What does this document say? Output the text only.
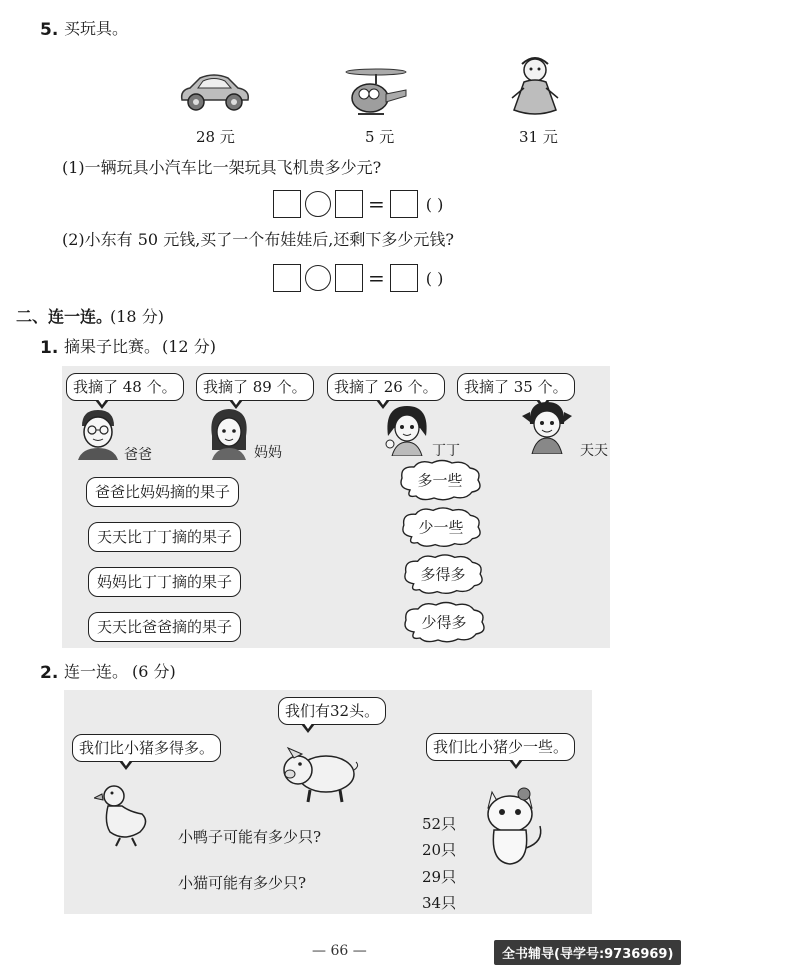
5. 买玩具。
28 元	5 元	31 元
(1)一辆玩具小汽车比一架玩具飞机贵多少元?
=	( )
(2)小东有 50 元钱,买了一个布娃娃后,还剩下多少元钱?
=	( )
二、连一连。
(18 分)
1. 摘果子比赛。 (12 分)
我摘了 48 个。	我摘了 89 个。	我摘了 26 个。	我摘了 35 个。
爸爸	妈妈	丁丁	天天
爸爸比妈妈摘的果子
天天比丁丁摘的果子
妈妈比丁丁摘的果子
天天比爸爸摘的果子
多一些
少一些
多得多
少得多
2. 连一连。 (6 分)
我们有32头。
我们比小猪多得多。	我们比小猪少一些。
小鸭子可能有多少只?
小猫可能有多少只?
52只
20只
29只
34只
— 66 —	全书辅导(导学号:9736969)
